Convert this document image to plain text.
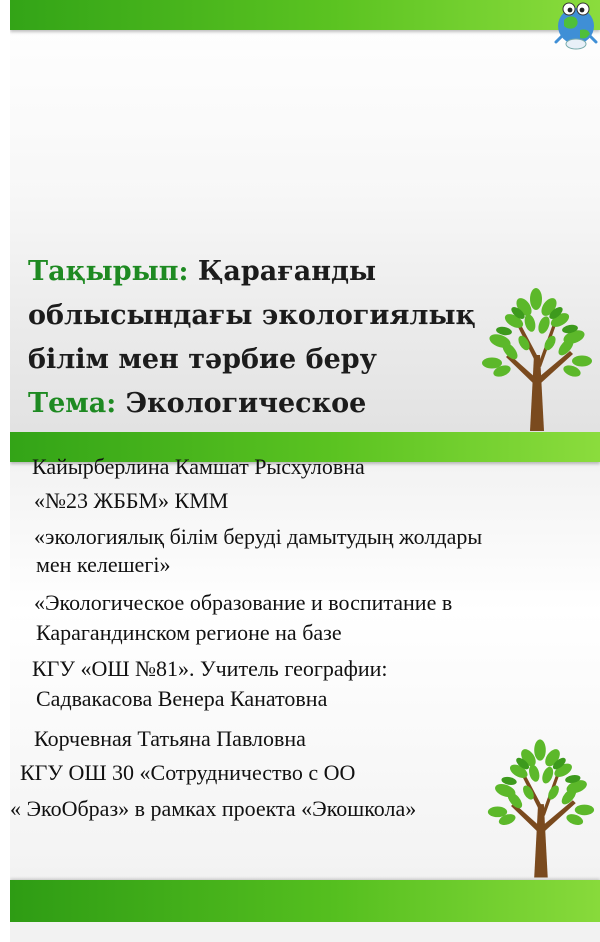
Тақырып: Қарағанды
облысындағы экологиялық
білім мен тәрбие беру
Тема: Экологическое

Кайырберлина Камшат Рысхуловна

«№23 ЖББМ» КММ

«экологиялық білім беруді дамытудың жолдары

мен келешегі»

«Экологическое образование и воспитание в

Карагандинском регионе на базе

КГУ «ОШ №81». Учитель географии:

Садвакасова Венера Канатовна

Корчевная Татьяна Павловна

КГУ ОШ 30 «Сотрудничество с ОО

« ЭкоОбраз» в рамках проекта «Экошкола»
